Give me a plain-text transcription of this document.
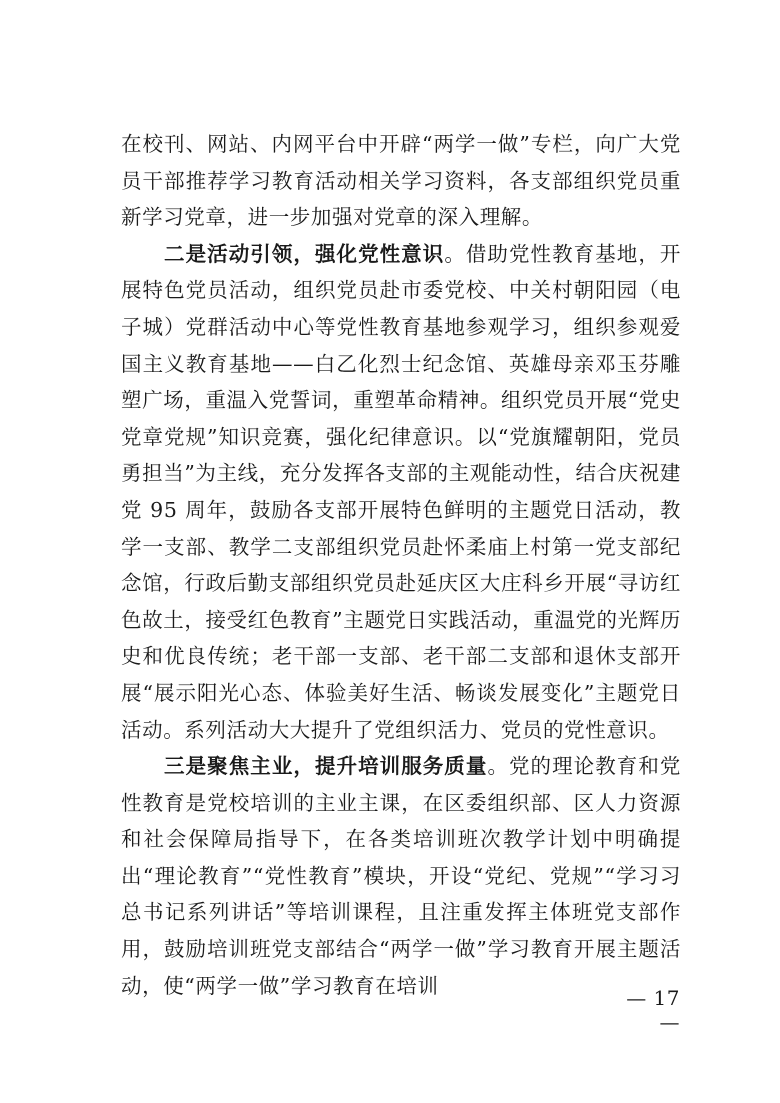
在校刊、网站、内网平台中开辟“两学一做”专栏，向广大党员干部推荐学习教育活动相关学习资料，各支部组织党员重新学习党章，进一步加强对党章的深入理解。

二是活动引领，强化党性意识。借助党性教育基地，开展特色党员活动，组织党员赴市委党校、中关村朝阳园（电子城）党群活动中心等党性教育基地参观学习，组织参观爱国主义教育基地——白乙化烈士纪念馆、英雄母亲邓玉芬雕塑广场，重温入党誓词，重塑革命精神。组织党员开展“党史党章党规”知识竞赛，强化纪律意识。以“党旗耀朝阳，党员勇担当”为主线，充分发挥各支部的主观能动性，结合庆祝建党 95 周年，鼓励各支部开展特色鲜明的主题党日活动，教学一支部、教学二支部组织党员赴怀柔庙上村第一党支部纪念馆，行政后勤支部组织党员赴延庆区大庄科乡开展“寻访红色故土，接受红色教育”主题党日实践活动，重温党的光辉历史和优良传统；老干部一支部、老干部二支部和退休支部开展“展示阳光心态、体验美好生活、畅谈发展变化”主题党日活动。系列活动大大提升了党组织活力、党员的党性意识。

三是聚焦主业，提升培训服务质量。党的理论教育和党性教育是党校培训的主业主课，在区委组织部、区人力资源和社会保障局指导下，在各类培训班次教学计划中明确提出“理论教育”“党性教育”模块，开设“党纪、党规”“学习习总书记系列讲话”等培训课程，且注重发挥主体班党支部作用，鼓励培训班党支部结合“两学一做”学习教育开展主题活动，使“两学一做”学习教育在培训

— 17 —
